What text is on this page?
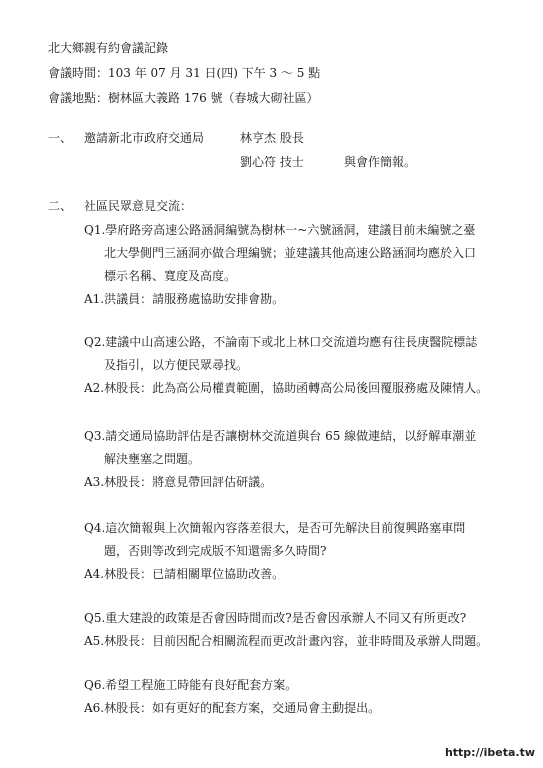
北大鄉親有約會議記錄
會議時間：103 年 07 月 31 日(四) 下午 3 ～ 5 點
會議地點：樹林區大義路 176 號（春城大砌社區）
一、 邀請新北市政府交通局	林亨杰 股長
劉心符 技士	與會作簡報。
二、 社區民眾意見交流：
Q1.學府路旁高速公路涵洞編號為樹林一~六號涵洞，建議目前未編號之臺
北大學側門三涵洞亦做合理編號；並建議其他高速公路涵洞均應於入口
標示名稱、寬度及高度。
A1.洪議員：請服務處協助安排會勘。
Q2.建議中山高速公路，不論南下或北上林口交流道均應有往長庚醫院標誌
及指引，以方便民眾尋找。
A2.林股長：此為高公局權責範圍，協助函轉高公局後回覆服務處及陳情人。
Q3.請交通局協助評估是否讓樹林交流道與台 65 線做連結，以紓解車潮並
解決壅塞之問題。
A3.林股長：將意見帶回評估研議。
Q4.這次簡報與上次簡報內容落差很大，是否可先解決目前復興路塞車問
題，否則等改到完成版不知還需多久時間?
A4.林股長：已請相關單位協助改善。
Q5.重大建設的政策是否會因時間而改?是否會因承辦人不同又有所更改?
A5.林股長：目前因配合相關流程而更改計畫內容，並非時間及承辦人問題。
Q6.希望工程施工時能有良好配套方案。
A6.林股長：如有更好的配套方案，交通局會主動提出。
http://ibeta.tw
